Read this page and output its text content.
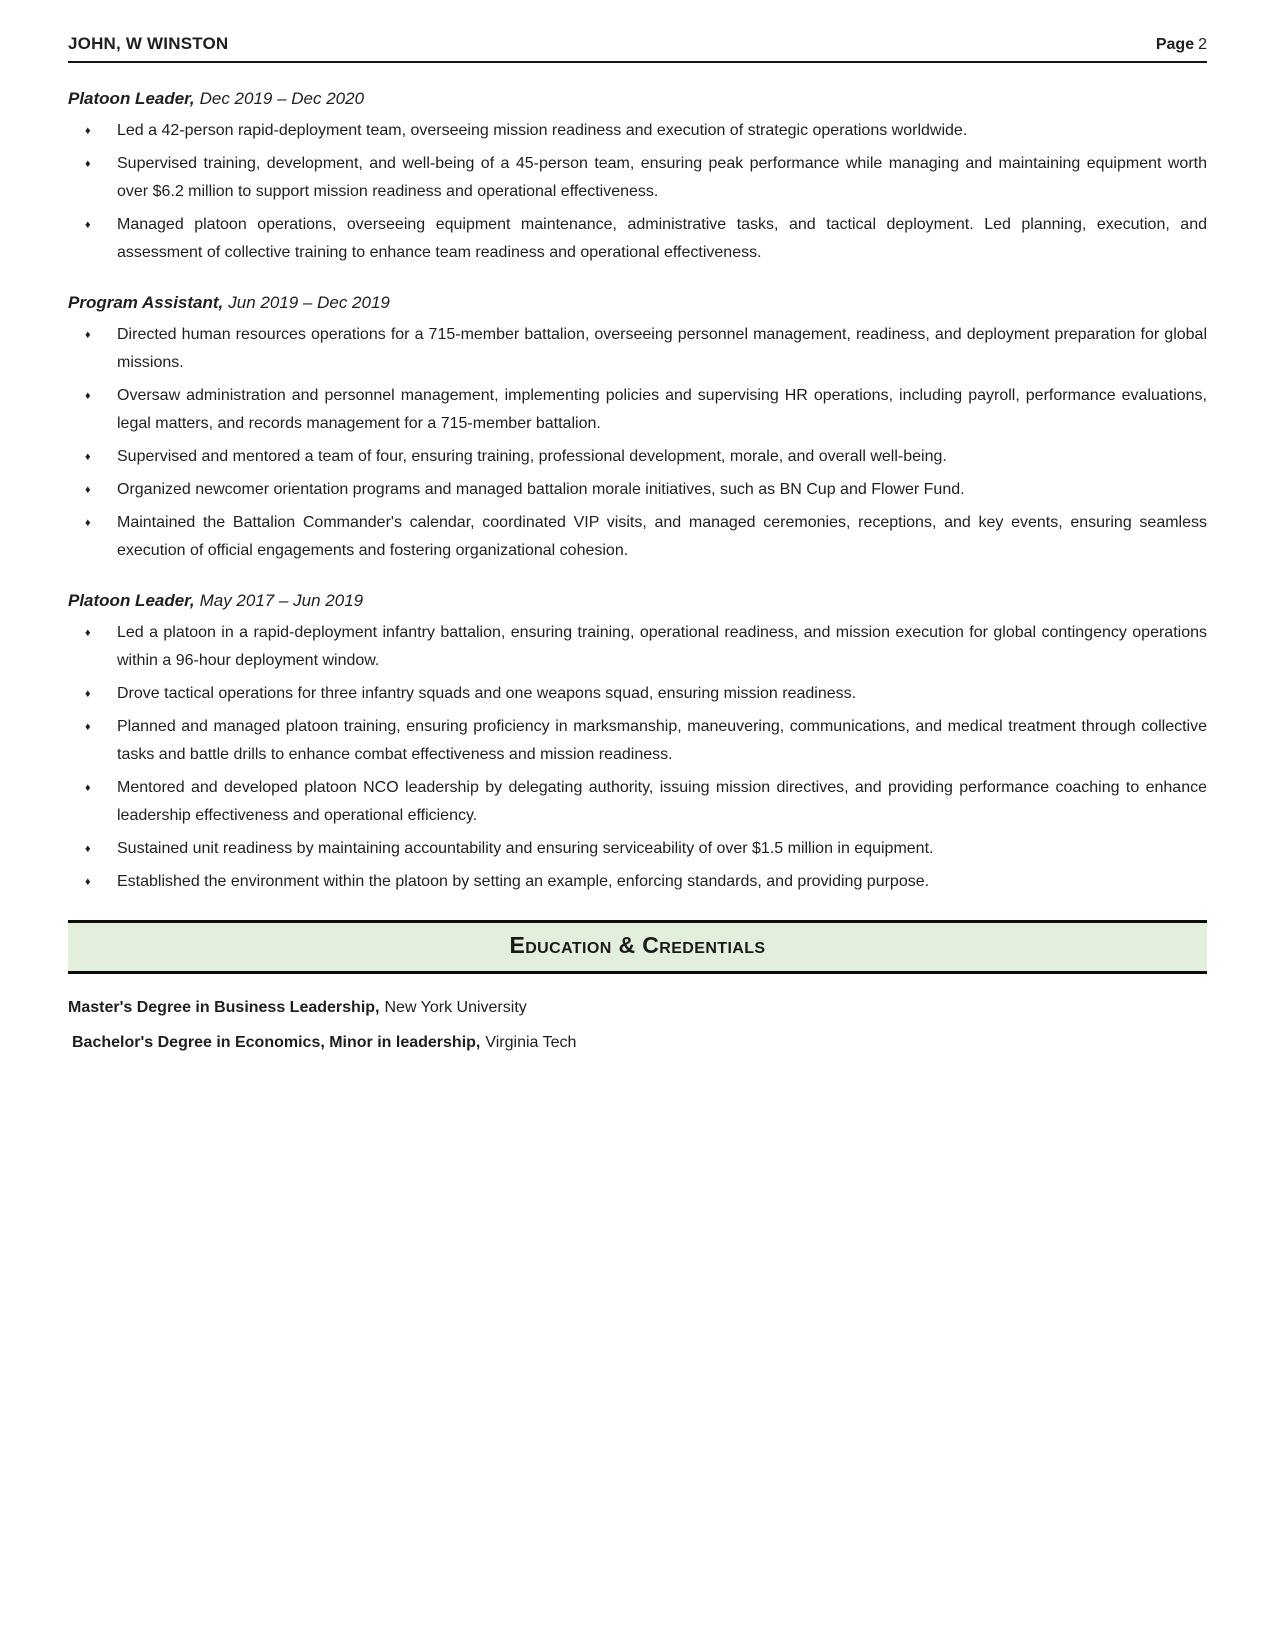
JOHN, W WINSTON	Page 2
Platoon Leader, Dec 2019 – Dec 2020
♦	Led a 42-person rapid-deployment team, overseeing mission readiness and execution of strategic operations worldwide.
♦	Supervised training, development, and well-being of a 45-person team, ensuring peak performance while managing and maintaining equipment worth over $6.2 million to support mission readiness and operational effectiveness.
♦	Managed platoon operations, overseeing equipment maintenance, administrative tasks, and tactical deployment. Led planning, execution, and assessment of collective training to enhance team readiness and operational effectiveness.
Program Assistant, Jun 2019 – Dec 2019
♦	Directed human resources operations for a 715-member battalion, overseeing personnel management, readiness, and deployment preparation for global missions.
♦	Oversaw administration and personnel management, implementing policies and supervising HR operations, including payroll, performance evaluations, legal matters, and records management for a 715-member battalion.
♦	Supervised and mentored a team of four, ensuring training, professional development, morale, and overall well-being.
♦	Organized newcomer orientation programs and managed battalion morale initiatives, such as BN Cup and Flower Fund.
♦	Maintained the Battalion Commander's calendar, coordinated VIP visits, and managed ceremonies, receptions, and key events, ensuring seamless execution of official engagements and fostering organizational cohesion.
Platoon Leader, May 2017 – Jun 2019
♦	Led a platoon in a rapid-deployment infantry battalion, ensuring training, operational readiness, and mission execution for global contingency operations within a 96-hour deployment window.
♦	Drove tactical operations for three infantry squads and one weapons squad, ensuring mission readiness.
♦	Planned and managed platoon training, ensuring proficiency in marksmanship, maneuvering, communications, and medical treatment through collective tasks and battle drills to enhance combat effectiveness and mission readiness.
♦	Mentored and developed platoon NCO leadership by delegating authority, issuing mission directives, and providing performance coaching to enhance leadership effectiveness and operational efficiency.
♦	Sustained unit readiness by maintaining accountability and ensuring serviceability of over $1.5 million in equipment.
♦	Established the environment within the platoon by setting an example, enforcing standards, and providing purpose.
Education & Credentials
Master's Degree in Business Leadership, New York University
Bachelor's Degree in Economics, Minor in leadership, Virginia Tech
